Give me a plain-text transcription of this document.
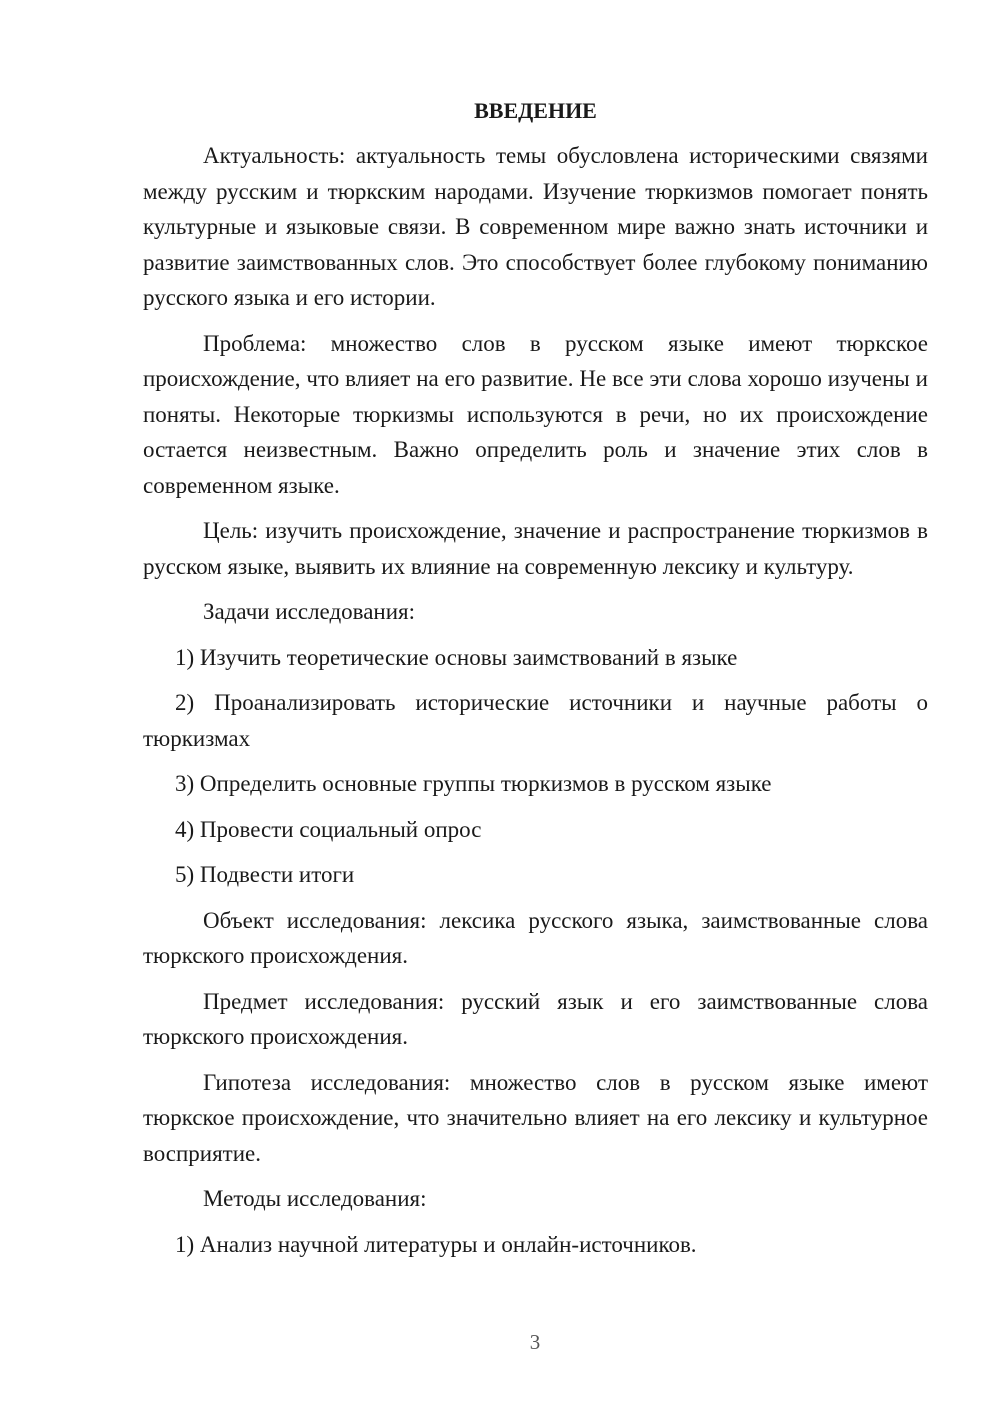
ВВЕДЕНИЕ

Актуальность: актуальность темы обусловлена историческими связями между русским и тюркским народами. Изучение тюркизмов помогает понять культурные и языковые связи. В современном мире важно знать источники и развитие заимствованных слов. Это способствует более глубокому пониманию русского языка и его истории.

Проблема: множество слов в русском языке имеют тюркское происхождение, что влияет на его развитие. Не все эти слова хорошо изучены и поняты. Некоторые тюркизмы используются в речи, но их происхождение остается неизвестным. Важно определить роль и значение этих слов в современном языке.

Цель: изучить происхождение, значение и распространение тюркизмов в русском языке, выявить их влияние на современную лексику и культуру.

Задачи исследования:

1) Изучить теоретические основы заимствований в языке

2) Проанализировать исторические источники и научные работы о тюркизмах

3) Определить основные группы тюркизмов в русском языке

4) Провести социальный опрос

5) Подвести итоги

Объект исследования: лексика русского языка, заимствованные слова тюркского происхождения.

Предмет исследования: русский язык и его заимствованные слова тюркского происхождения.

Гипотеза исследования: множество слов в русском языке имеют тюркское происхождение, что значительно влияет на его лексику и культурное восприятие.

Методы исследования:

1) Анализ научной литературы и онлайн-источников.

3
